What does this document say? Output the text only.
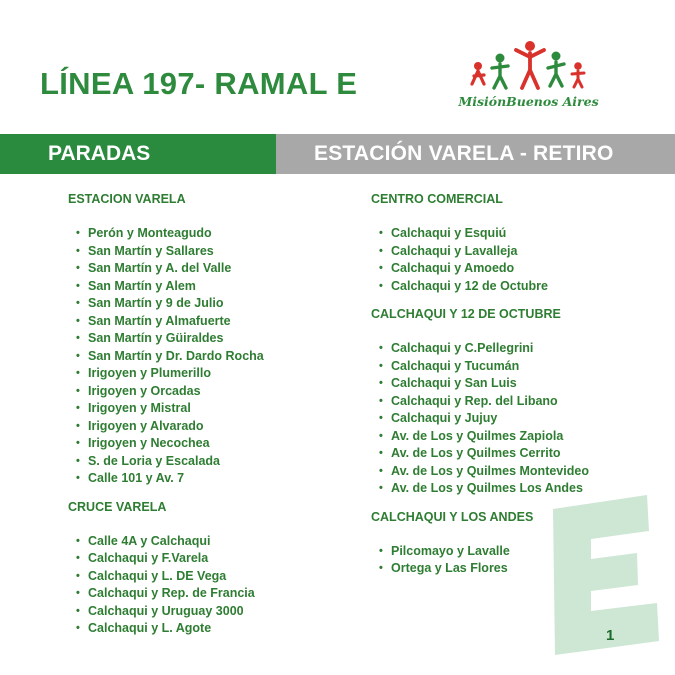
LÍNEA 197- RAMAL E
MisiónBuenos Aires
PARADAS	ESTACIÓN VARELA - RETIRO
1

ESTACION VARELA

• Perón y Monteagudo
• San Martín y Sallares
• San Martín y A. del Valle
• San Martín y Alem
• San Martín y 9 de Julio
• San Martín y Almafuerte
• San Martín y Güiraldes
• San Martín y Dr. Dardo Rocha
• Irigoyen y Plumerillo
• Irigoyen y Orcadas
• Irigoyen y Mistral
• Irigoyen y Alvarado
• Irigoyen y Necochea
• S. de Loria y Escalada
• Calle 101 y Av. 7

CRUCE VARELA

• Calle 4A y Calchaqui
• Calchaqui y F.Varela
• Calchaqui y L. DE Vega
• Calchaqui y Rep. de Francia
• Calchaqui y Uruguay 3000
• Calchaqui y L. Agote

CENTRO COMERCIAL

• Calchaqui y Esquiú
• Calchaqui y Lavalleja
• Calchaqui y Amoedo
• Calchaqui y 12 de Octubre

CALCHAQUI Y 12 DE OCTUBRE

• Calchaqui y C.Pellegrini
• Calchaqui y Tucumán
• Calchaqui y San Luis
• Calchaqui y Rep. del Libano
• Calchaqui y Jujuy
• Av. de Los y Quilmes Zapiola
• Av. de Los y Quilmes Cerrito
• Av. de Los y Quilmes Montevideo
• Av. de Los y Quilmes Los Andes

CALCHAQUI Y LOS ANDES

• Pilcomayo y Lavalle
• Ortega y Las Flores
